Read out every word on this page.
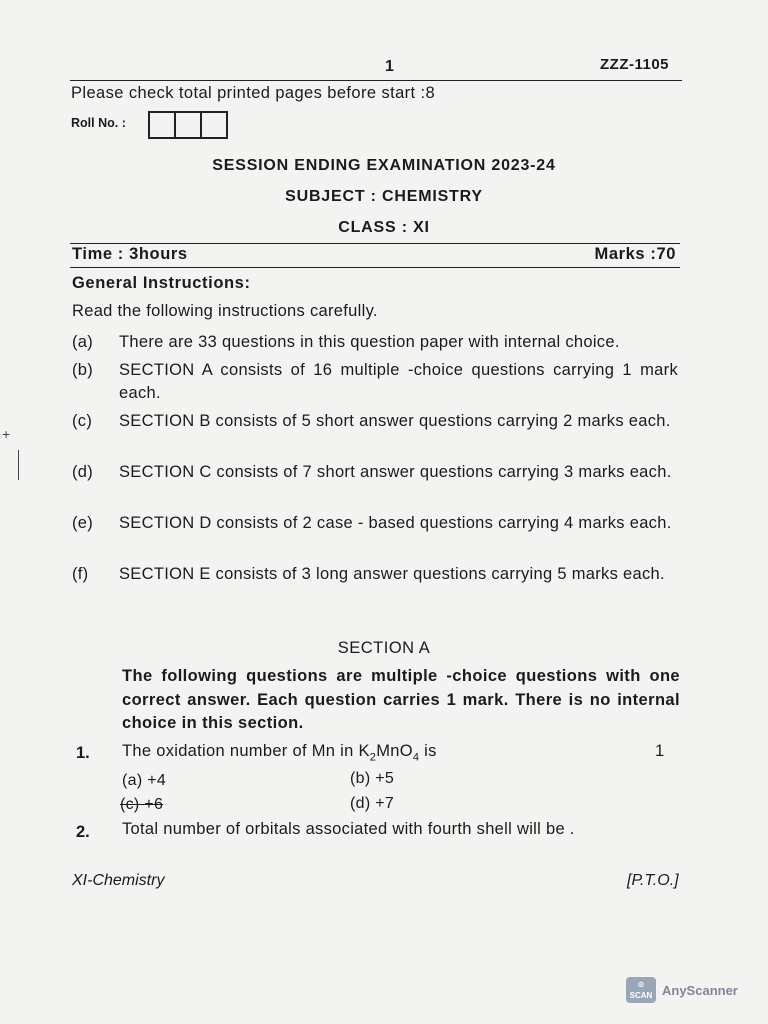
1	ZZZ-1105
Please check total printed pages before start :8
Roll No. :
SESSION ENDING EXAMINATION 2023-24
SUBJECT : CHEMISTRY
CLASS : XI
Time : 3hours	Marks :70
General Instructions:
Read the following instructions carefully.
(a) There are 33 questions in this question paper with internal choice.
(b) SECTION A consists of 16 multiple -choice questions carrying 1 mark each.
(c) SECTION B consists of 5 short answer questions carrying 2 marks each.
(d) SECTION C consists of 7 short answer questions carrying 3 marks each.
(e) SECTION D consists of 2 case - based questions carrying 4 marks each.
(f) SECTION E consists of 3 long answer questions carrying 5 marks each.
SECTION A
The following questions are multiple -choice questions with one correct answer. Each question carries 1 mark. There is no internal choice in this section.
1. The oxidation number of Mn in $K_2MnO_4$ is	1
(a) +4	(b) +5
(c) +6	(d) +7
2. Total number of orbitals associated with fourth shell will be .
XI-Chemistry	[P.T.O.]
+
⊙
SCAN AnyScanner
